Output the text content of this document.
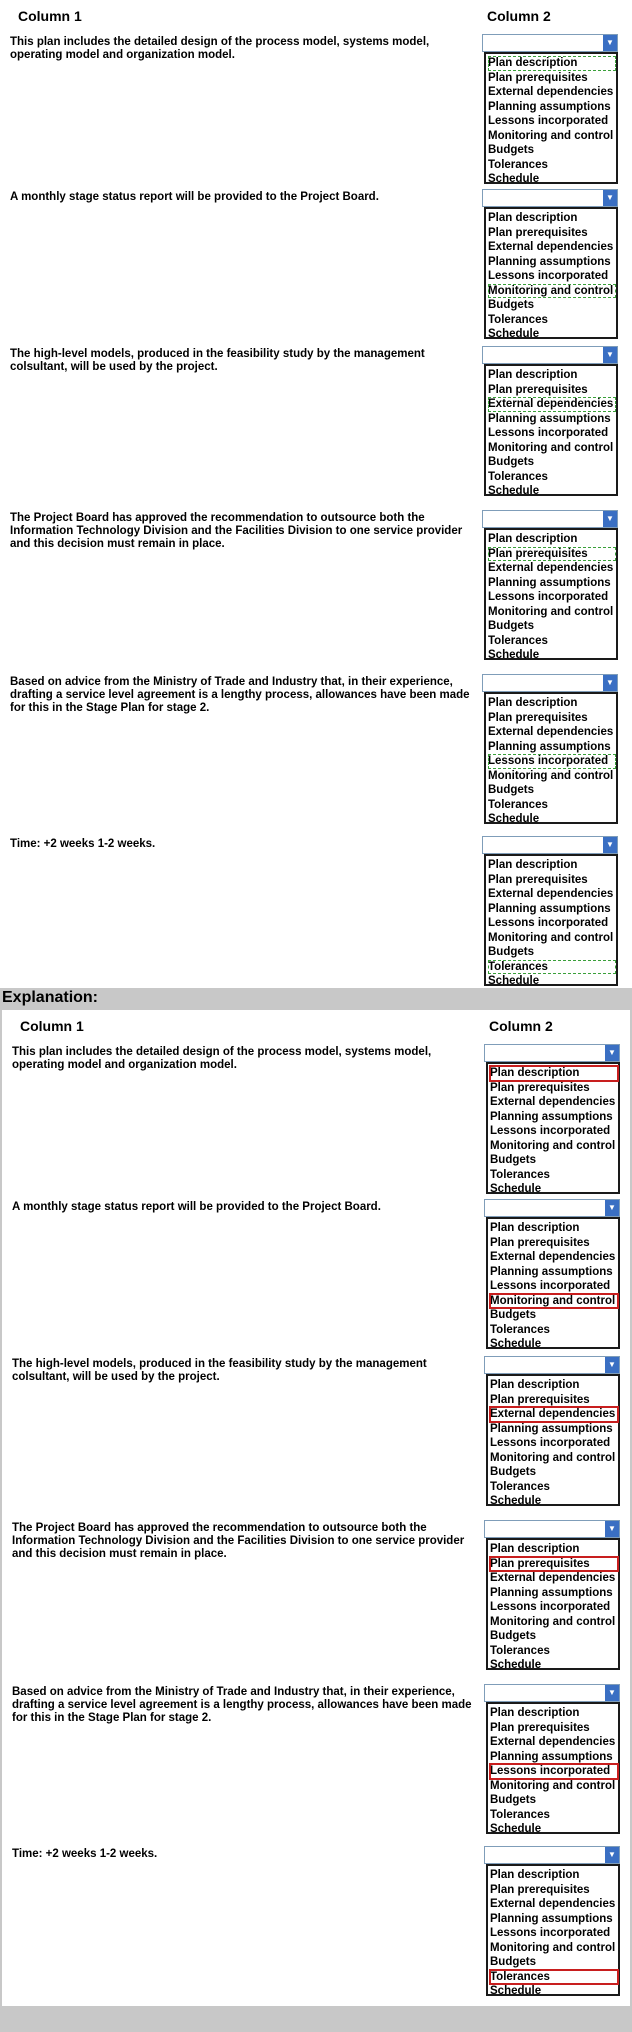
Column 1	Column 2
This plan includes the detailed design of the process model, systems model, operating model and organization model.
▼
Plan description
Plan prerequisites
External dependencies
Planning assumptions
Lessons incorporated
Monitoring and control
Budgets
Tolerances
Schedule
A monthly stage status report will be provided to the Project Board.	▼
Plan description
Plan prerequisites
External dependencies
Planning assumptions
Lessons incorporated
Monitoring and control
Budgets
Tolerances
Schedule
The high-level models, produced in the feasibility study by the management colsultant, will be used by the project.
▼
Plan description
Plan prerequisites
External dependencies
Planning assumptions
Lessons incorporated
Monitoring and control
Budgets
Tolerances
Schedule
The Project Board has approved the recommendation to outsource both the Information Technology Division and the Facilities Division to one service provider and this decision must remain in place.
▼
Plan description
Plan prerequisites
External dependencies
Planning assumptions
Lessons incorporated
Monitoring and control
Budgets
Tolerances
Schedule
Based on advice from the Ministry of Trade and Industry that, in their experience, drafting a service level agreement is a lengthy process, allowances have been made for this in the Stage Plan for stage 2.
▼
Plan description
Plan prerequisites
External dependencies
Planning assumptions
Lessons incorporated
Monitoring and control
Budgets
Tolerances
Schedule
Time: +2 weeks 1-2 weeks.	▼
Plan description
Plan prerequisites
External dependencies
Planning assumptions
Lessons incorporated
Monitoring and control
Budgets
Tolerances
Schedule
Explanation:
Column 1	Column 2
This plan includes the detailed design of the process model, systems model, operating model and organization model.
▼
Plan description
Plan prerequisites
External dependencies
Planning assumptions
Lessons incorporated
Monitoring and control
Budgets
Tolerances
Schedule
A monthly stage status report will be provided to the Project Board.	▼
Plan description
Plan prerequisites
External dependencies
Planning assumptions
Lessons incorporated
Monitoring and control
Budgets
Tolerances
Schedule
The high-level models, produced in the feasibility study by the management colsultant, will be used by the project.
▼
Plan description
Plan prerequisites
External dependencies
Planning assumptions
Lessons incorporated
Monitoring and control
Budgets
Tolerances
Schedule
The Project Board has approved the recommendation to outsource both the Information Technology Division and the Facilities Division to one service provider and this decision must remain in place.
▼
Plan description
Plan prerequisites
External dependencies
Planning assumptions
Lessons incorporated
Monitoring and control
Budgets
Tolerances
Schedule
Based on advice from the Ministry of Trade and Industry that, in their experience, drafting a service level agreement is a lengthy process, allowances have been made for this in the Stage Plan for stage 2.
▼
Plan description
Plan prerequisites
External dependencies
Planning assumptions
Lessons incorporated
Monitoring and control
Budgets
Tolerances
Schedule
Time: +2 weeks 1-2 weeks.	▼
Plan description
Plan prerequisites
External dependencies
Planning assumptions
Lessons incorporated
Monitoring and control
Budgets
Tolerances
Schedule
